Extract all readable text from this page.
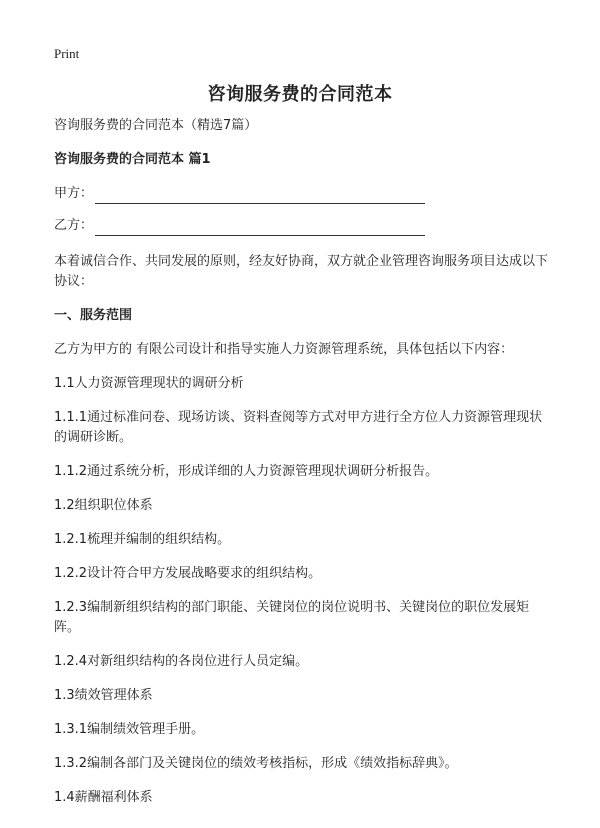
Print
咨询服务费的合同范本

咨询服务费的合同范本（精选7篇）

咨询服务费的合同范本 篇1
甲方：
乙方：

本着诚信合作、共同发展的原则，经友好协商，双方就企业管理咨询服务项目达成以下协议：

一、服务范围

乙方为甲方的 有限公司设计和指导实施人力资源管理系统，具体包括以下内容：

1.1人力资源管理现状的调研分析

1.1.1通过标准问卷、现场访谈、资料查阅等方式对甲方进行全方位人力资源管理现状的调研诊断。

1.1.2通过系统分析，形成详细的人力资源管理现状调研分析报告。

1.2组织职位体系

1.2.1梳理并编制的组织结构。

1.2.2设计符合甲方发展战略要求的组织结构。

1.2.3编制新组织结构的部门职能、关键岗位的岗位说明书、关键岗位的职位发展矩阵。

1.2.4对新组织结构的各岗位进行人员定编。

1.3绩效管理体系

1.3.1编制绩效管理手册。

1.3.2编制各部门及关键岗位的绩效考核指标，形成《绩效指标辞典》。

1.4薪酬福利体系
